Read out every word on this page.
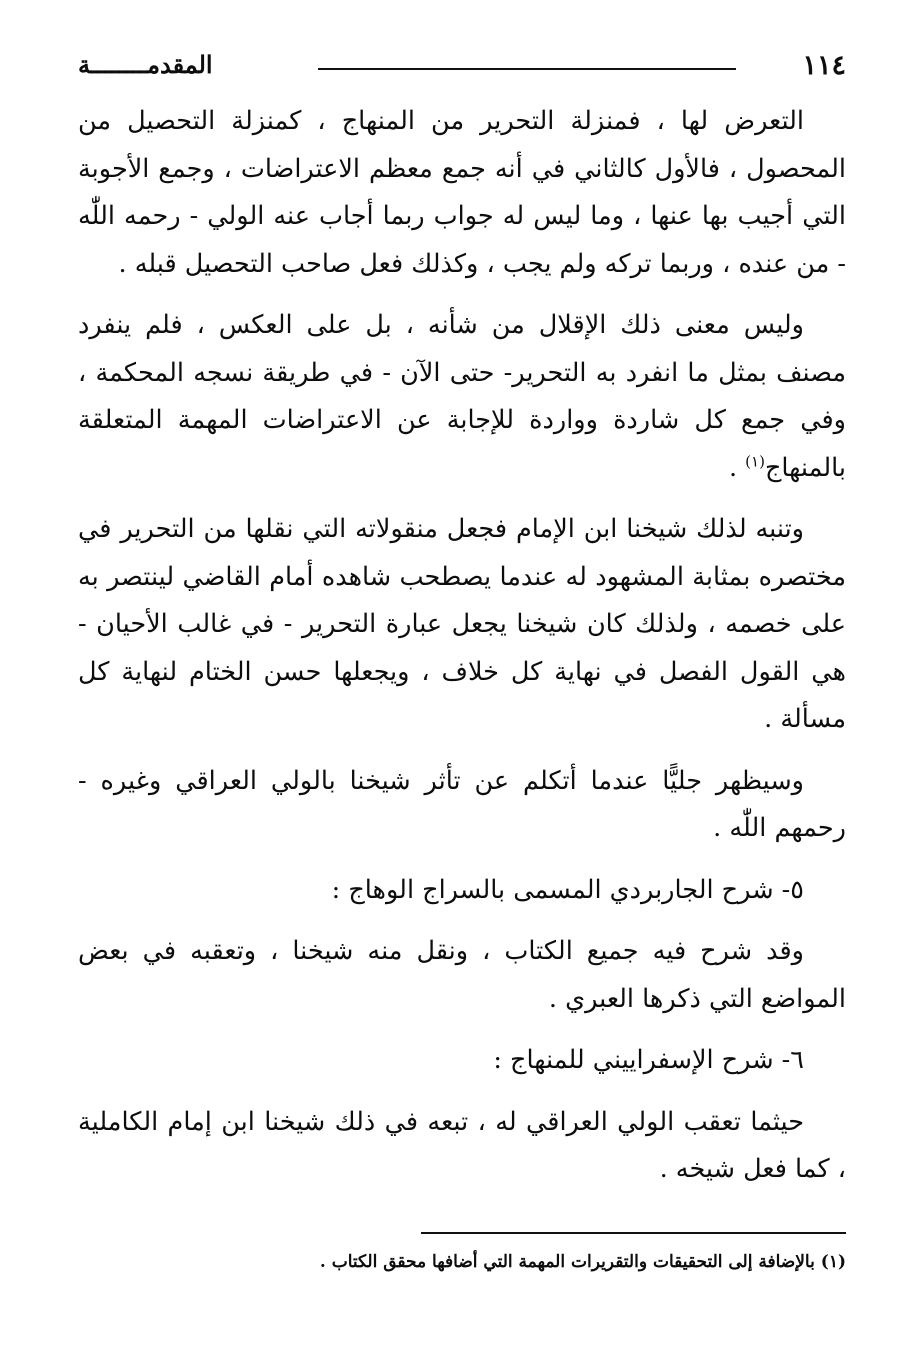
١١٤
المقدمــــــــة

التعرض لها ، فمنزلة التحرير من المنهاج ، كمنزلة التحصيل من المحصول ، فالأول كالثاني في أنه جمع معظم الاعتراضات ، وجمع الأجوبة التي أجيب بها عنها ، وما ليس له جواب ربما أجاب عنه الولي - رحمه اللّٰه - من عنده ، وربما تركه ولم يجب ، وكذلك فعل صاحب التحصيل قبله .

وليس معنى ذلك الإقلال من شأنه ، بل على العكس ، فلم ينفرد مصنف بمثل ما انفرد به التحرير- حتى الآن - في طريقة نسجه المحكمة ، وفي جمع كل شاردة وواردة للإجابة عن الاعتراضات المهمة المتعلقة بالمنهاج$^{(١)}$ .

وتنبه لذلك شيخنا ابن الإمام فجعل منقولاته التي نقلها من التحرير في مختصره بمثابة المشهود له عندما يصطحب شاهده أمام القاضي لينتصر به على خصمه ، ولذلك كان شيخنا يجعل عبارة التحرير - في غالب الأحيان - هي القول الفصل في نهاية كل خلاف ، ويجعلها حسن الختام لنهاية كل مسألة .

وسيظهر جليًّا عندما أتكلم عن تأثر شيخنا بالولي العراقي وغيره - رحمهم اللّٰه .

٥- شرح الجاربردي المسمى بالسراج الوهاج :

وقد شرح فيه جميع الكتاب ، ونقل منه شيخنا ، وتعقبه في بعض المواضع التي ذكرها العبري .

٦- شرح الإسفراييني للمنهاج :

حيثما تعقب الولي العراقي له ، تبعه في ذلك شيخنا ابن إمام الكاملية ، كما فعل شيخه .

(١) بالإضافة إلى التحقيقات والتقريرات المهمة التي أضافها محقق الكتاب .
